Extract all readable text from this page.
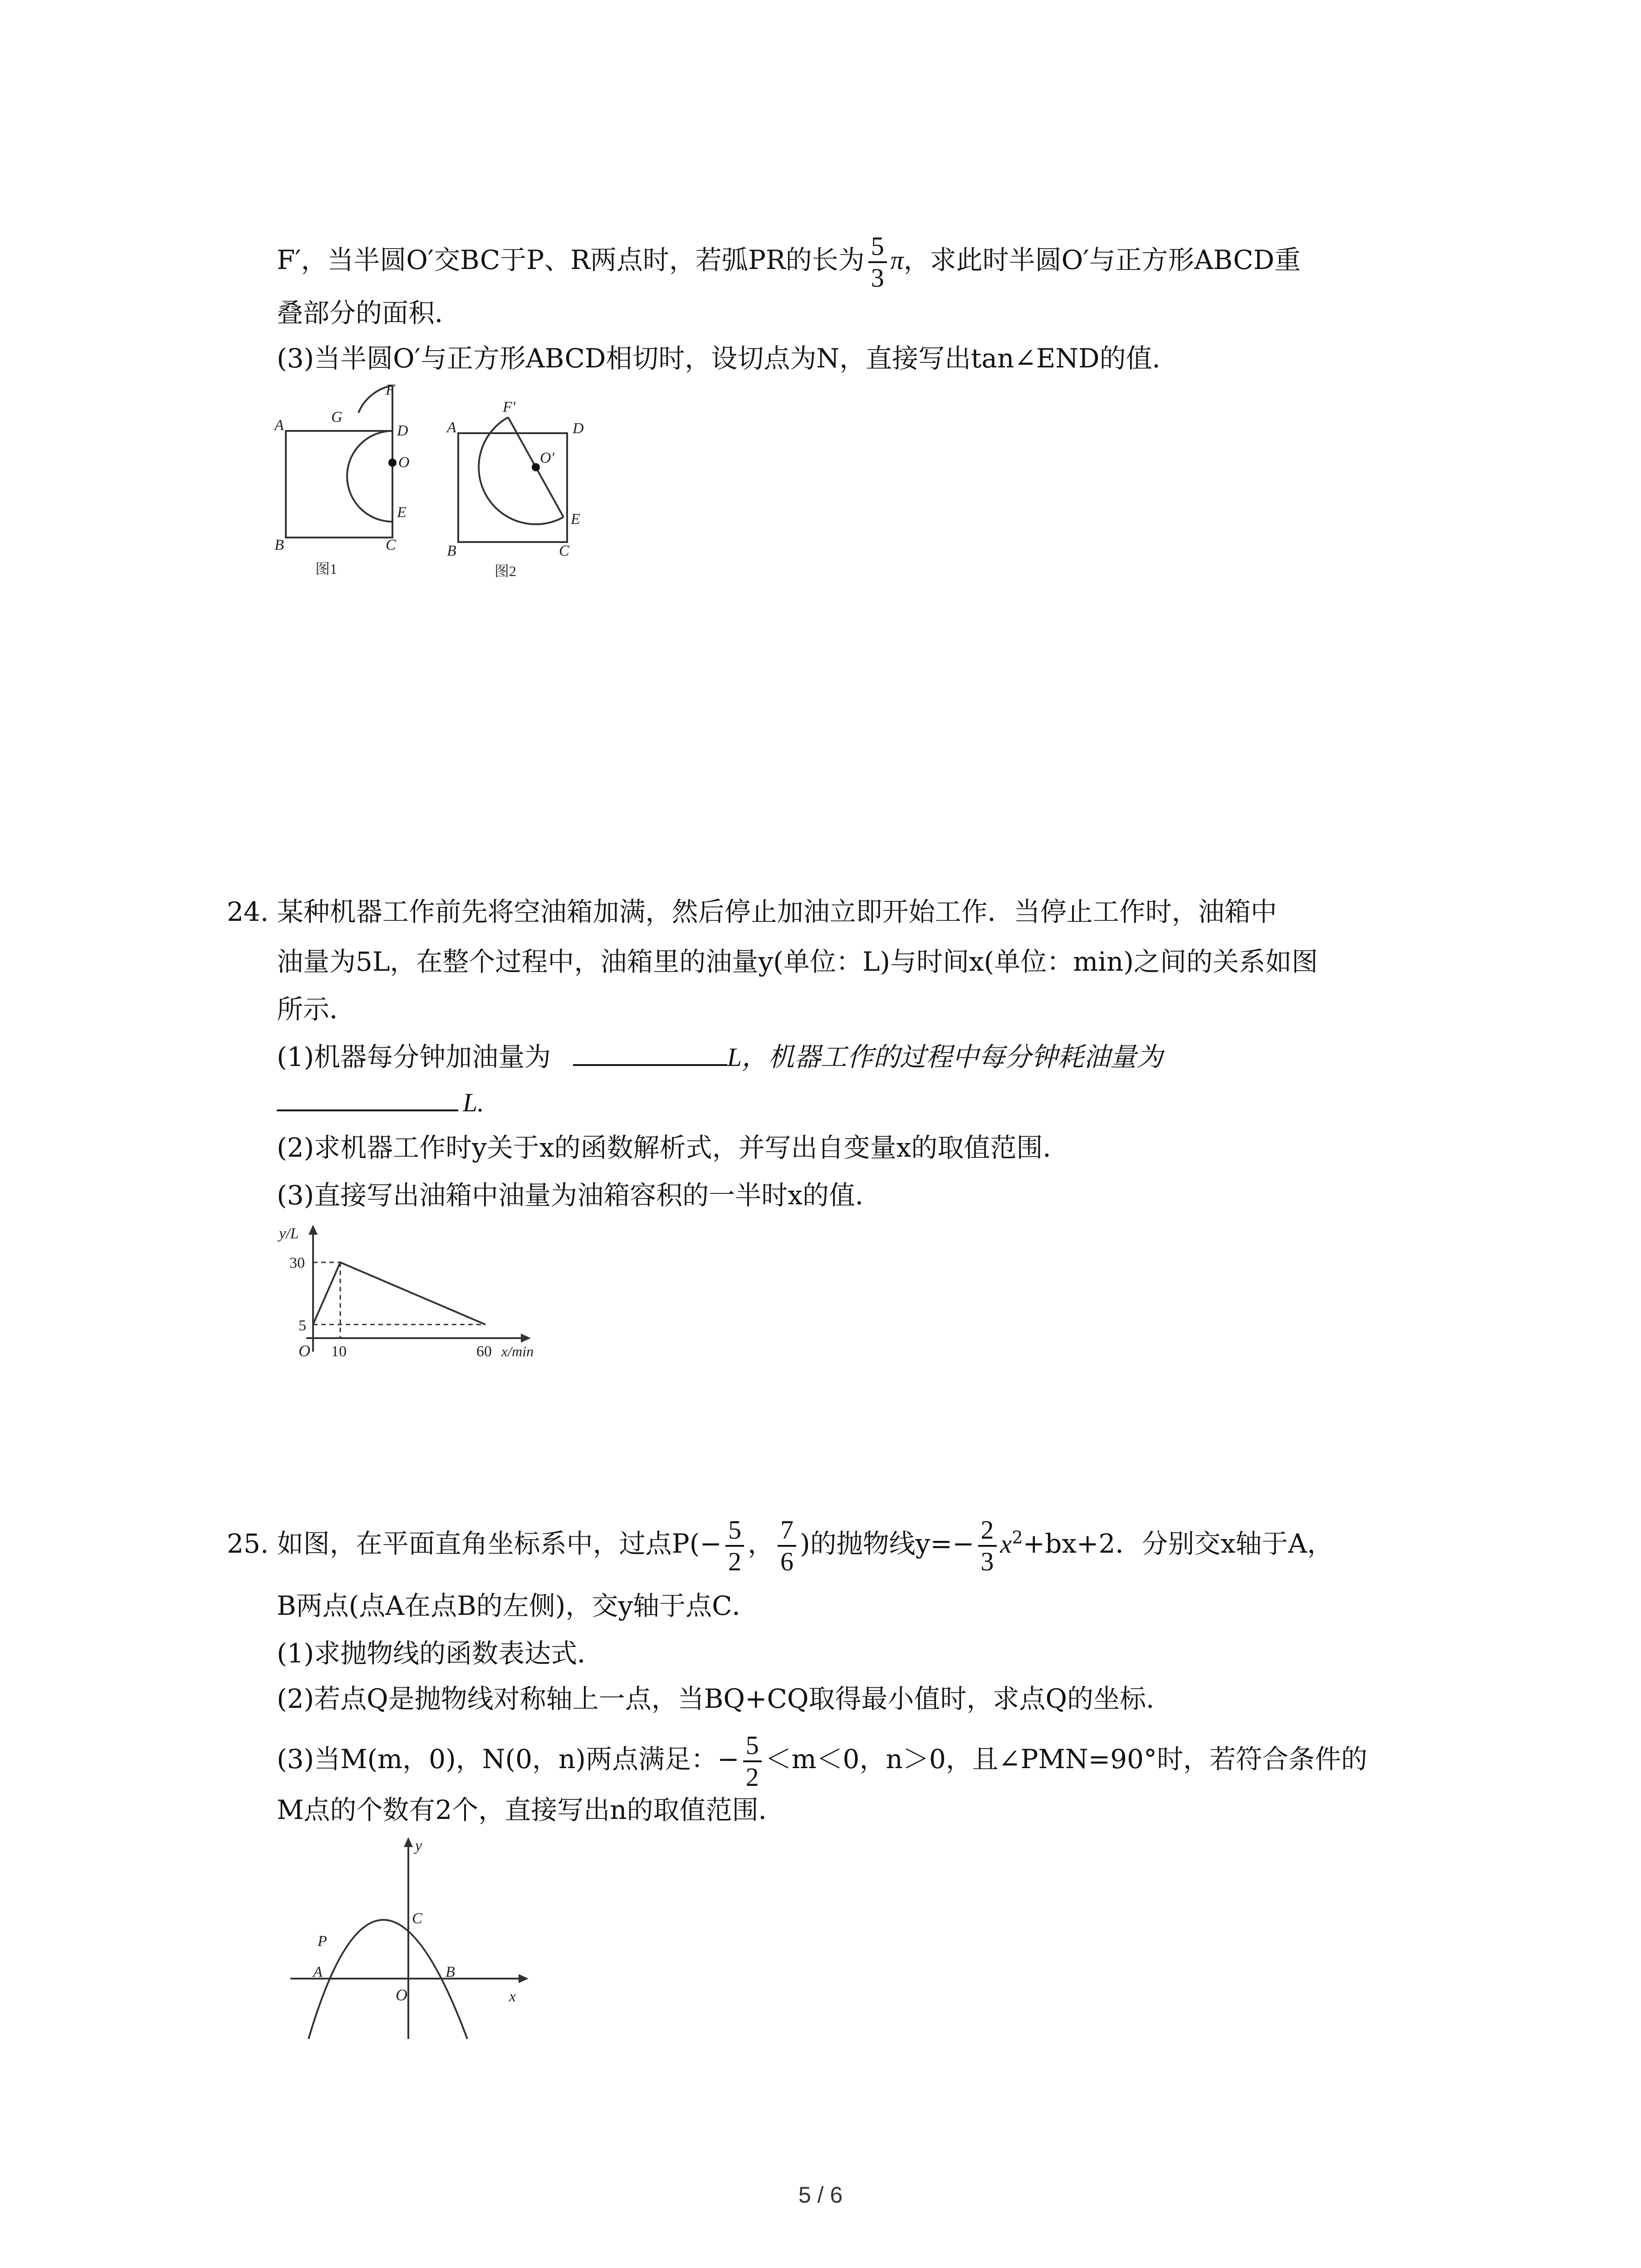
F′，当半圆O′交BC于P、R两点时，若弧PR的长为 $\frac{5}{3}$ π，求此时半圆O′与正方形ABCD重
叠部分的面积．
(3)当半圆O′与正方形ABCD相切时，设切点为N，直接写出tan∠END的值．
A	G
F
D
O
E
B	C
图1
A
F′
O′
D
E
B	C
图2
24. 某种机器工作前先将空油箱加满，然后停止加油立即开始工作．当停止工作时，油箱中
油量为5L，在整个过程中，油箱里的油量y(单位：L)与时间x(单位：min)之间的关系如图
所示．
(1)机器每分钟加油量为	L，机器工作的过程中每分钟耗油量为
L.
(2)求机器工作时y关于x的函数解析式，并写出自变量x的取值范围．
(3)直接写出油箱中油量为油箱容积的一半时x的值．
y/L
30
5
O 10	60 x/min
25. 如图，在平面直角坐标系中，过点$P(- \frac{5}{2}$ ， $\frac{7}{6}$ )的抛物线$y=- \frac{2}{3} x^2+bx+2$．分别交x轴于A，
B两点(点A在点B的左侧)，交y轴于点C．
(1)求抛物线的函数表达式．
(2)若点Q是抛物线对称轴上一点，当BQ+CQ取得最小值时，求点Q的坐标．
(3)当M(m，0)，N(0，n)两点满足：− $\frac{5}{2} <m<0$，n＞0，且∠PMN=90°时，若符合条件的
M点的个数有2个，直接写出n的取值范围．
y
x
O
A	B
C
P
5 / 6
